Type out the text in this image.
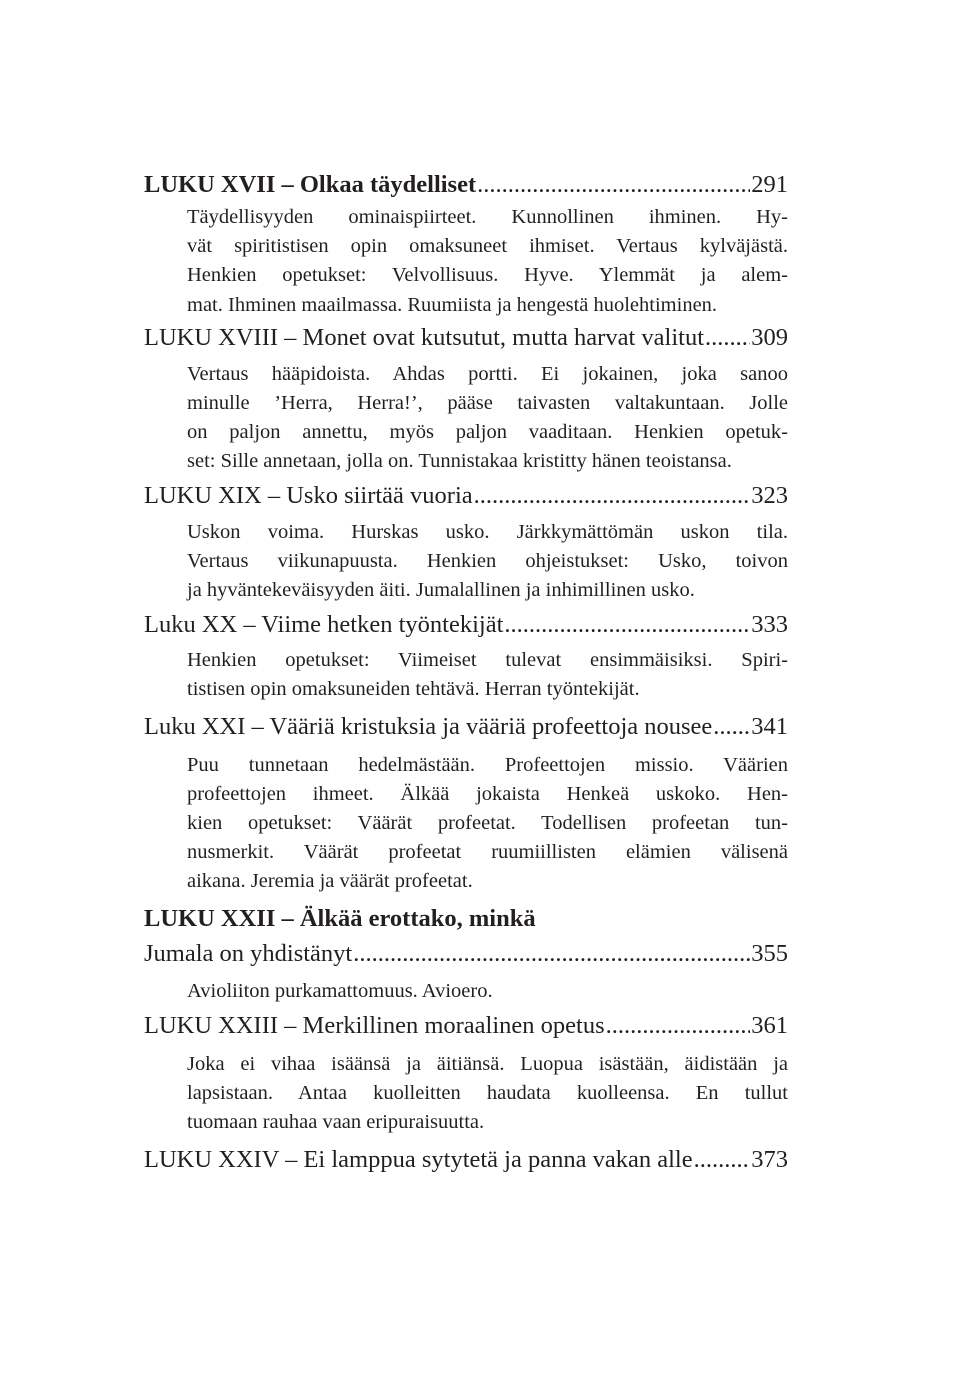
LUKU XVII – Olkaa täydelliset .....	291
Täydellisyyden ominaispiirteet. Kunnollinen ihminen. Hy-
vät spiritistisen opin omaksuneet ihmiset. Vertaus kylväjästä.
Henkien opetukset: Velvollisuus. Hyve. Ylemmät ja alem-
mat. Ihminen maailmassa. Ruumiista ja hengestä huolehtiminen.
LUKU XVIII – Monet ovat kutsutut, mutta harvat valitut ..... 309
Vertaus hääpidoista. Ahdas portti. Ei jokainen, joka sanoo
minulle ’Herra, Herra!’, pääse taivasten valtakuntaan. Jolle
on paljon annettu, myös paljon vaaditaan. Henkien opetuk-
set: Sille annetaan, jolla on. Tunnistakaa kristitty hänen teoistansa.
LUKU XIX – Usko siirtää vuoria .....	323
Uskon voima. Hurskas usko. Järkkymättömän uskon tila.
Vertaus viikunapuusta. Henkien ohjeistukset: Usko, toivon
ja hyväntekeväisyyden äiti. Jumalallinen ja inhimillinen usko.
Luku XX – Viime hetken työntekijät .....	333
Henkien opetukset: Viimeiset tulevat ensimmäisiksi. Spiri-
tistisen opin omaksuneiden tehtävä. Herran työntekijät.
Luku XXI – Vääriä kristuksia ja vääriä profeettoja nousee ..... 341
Puu tunnetaan hedelmästään. Profeettojen missio. Väärien
profeettojen ihmeet. Älkää jokaista Henkeä uskoko. Hen-
kien opetukset: Väärät profeetat. Todellisen profeetan tun-
nusmerkit. Väärät profeetat ruumiillisten elämien välisenä
aikana. Jeremia ja väärät profeetat.
LUKU XXII – Älkää erottako, minkä
Jumala on yhdistänyt .....	355
Avioliiton purkamattomuus. Avioero.
LUKU XXIII – Merkillinen moraalinen opetus .....	361
Joka ei vihaa isäänsä ja äitiänsä. Luopua isästään, äidistään ja
lapsistaan. Antaa kuolleitten haudata kuolleensa. En tullut
tuomaan rauhaa vaan eripuraisuutta.
LUKU XXIV – Ei lamppua sytytetä ja panna vakan alle ..... 373
